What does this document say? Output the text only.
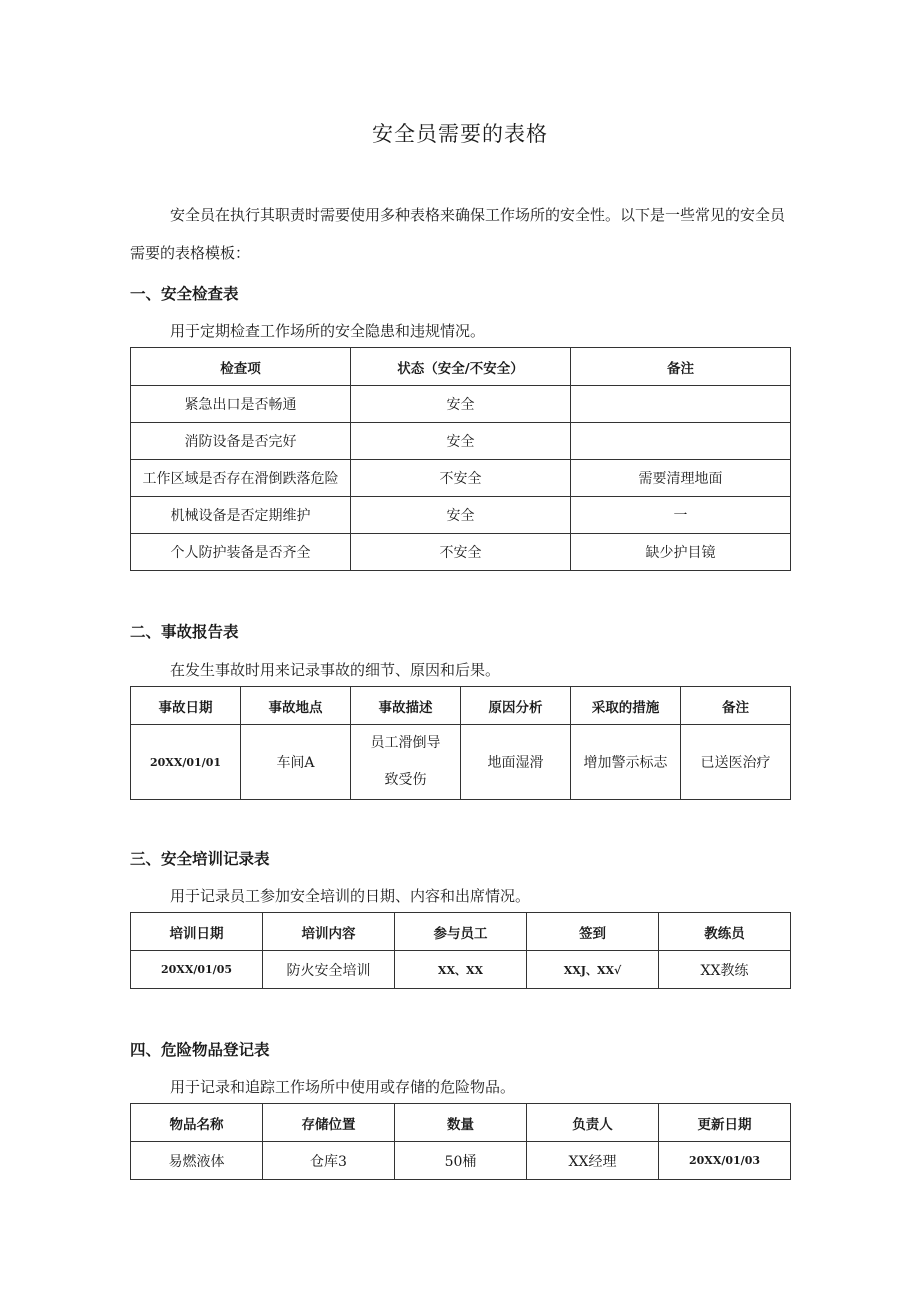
安全员需要的表格

安全员在执行其职责时需要使用多种表格来确保工作场所的安全性。以下是一些常见的安全员需要的表格模板：

一、安全检查表

用于定期检查工作场所的安全隐患和违规情况。

检查项	状态（安全/不安全）	备注
紧急出口是否畅通	安全	
消防设备是否完好	安全	
工作区域是否存在滑倒跌落危险	不安全	需要清理地面
机械设备是否定期维护	安全	一
个人防护装备是否齐全	不安全	缺少护目镜
二、事故报告表

在发生事故时用来记录事故的细节、原因和后果。

事故日期	事故地点	事故描述	原因分析	采取的措施	备注
20XX/01/01	车间A	员工滑倒导致受伤	地面湿滑	增加警示标志	已送医治疗
三、安全培训记录表

用于记录员工参加安全培训的日期、内容和出席情况。

培训日期	培训内容	参与员工	签到	教练员
20XX/01/05	防火安全培训	XX、XX	XXJ、XX√	XX教练
四、危险物品登记表

用于记录和追踪工作场所中使用或存储的危险物品。

物品名称	存储位置	数量	负责人	更新日期
易燃液体	仓库3	50桶	XX经理	20XX/01/03
